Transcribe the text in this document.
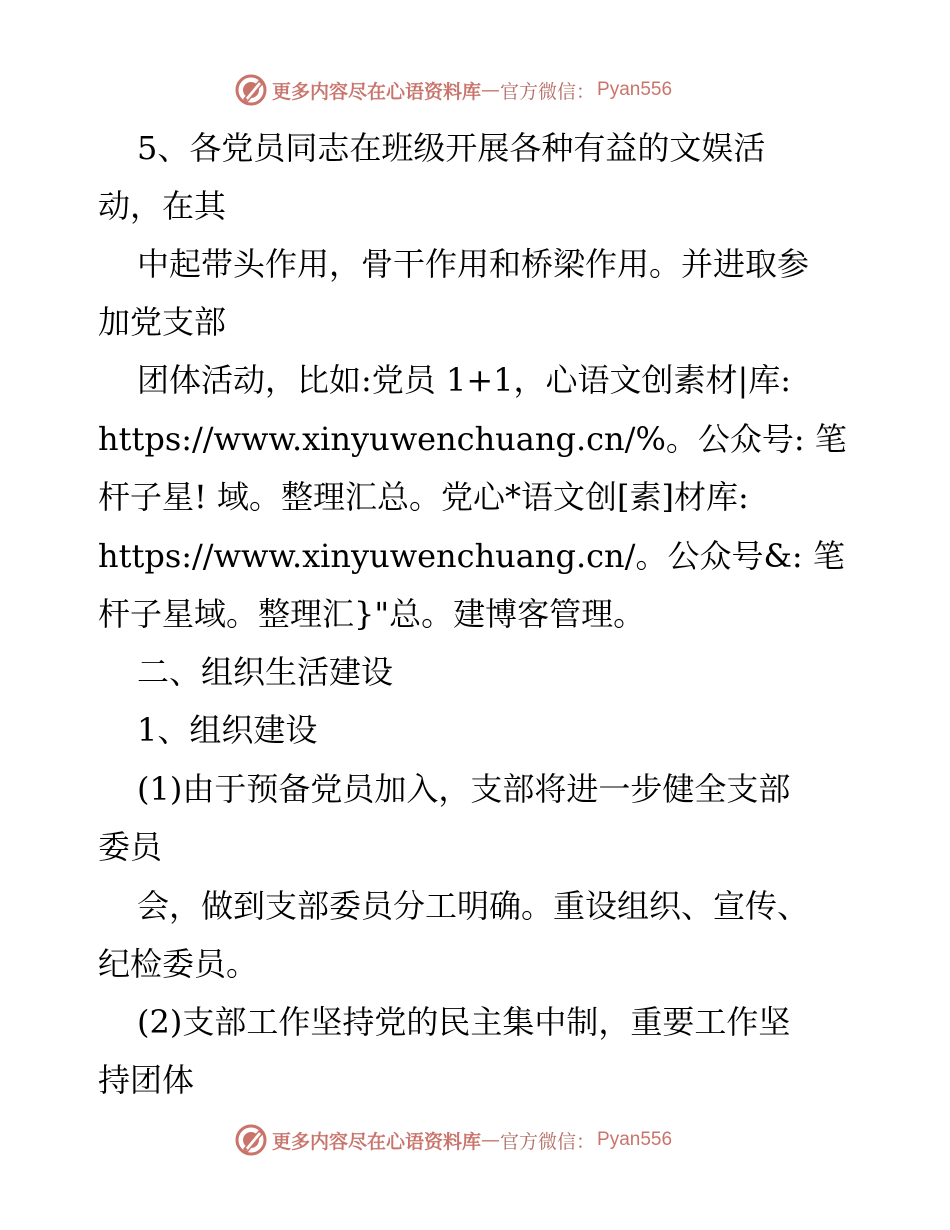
更多内容尽在心语资料库 — 官方微信： Pyan556
5、各党员同志在班级开展各种有益的文娱活
动，在其
中起带头作用，骨干作用和桥梁作用。并进取参
加党支部
团体活动，比如:党员 1+1，心语文创素材|库:
https://www.xinyuwenchuang.cn/%。公众号: 笔
杆子星! 域。整理汇总。党心*语文创[素]材库:
https://www.xinyuwenchuang.cn/。公众号&: 笔
杆子星域。整理汇}"总。建博客管理。
二、组织生活建设
1、组织建设
(1)由于预备党员加入，支部将进一步健全支部
委员
会，做到支部委员分工明确。重设组织、宣传、
纪检委员。
(2)支部工作坚持党的民主集中制，重要工作坚
持团体
更多内容尽在心语资料库 — 官方微信： Pyan556
